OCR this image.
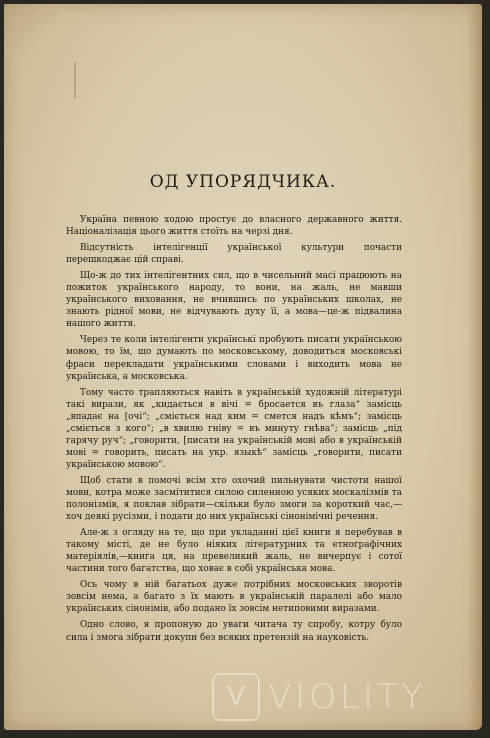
ОД УПОРЯДЧИКА.

Україна певною ходою простує до власного державного життя. Націоналізація цього життя стоїть на черзі дня.

Відсутність інтелігенції української культури почасти перешкоджає цій справі.

Що-ж до тих інтелігентних сил, що в чисельний масі працюють на пожиток українського народу, то вони, на жаль, не мавши українського виховання, не вчившись по українських школах, не знають рідної мови, не відчувають духу її, а мова—це-ж підвалина нашого життя.

Через те коли інтелігенти українські пробують писати українською мовою, то їм, що думають по московському, доводиться московські фраси перекладати українськими словами і виходить мова не українська, а московська.

Тому часто трапляються навіть в українській художній літературі такі вирази, як „кидається в вічі = бросается въ глаза“ замісць „впадає на [очі“; „сміється над ким = смется надъ кѣмъ“; замісць „сміється з кого“; „в хвилю гніву = въ минуту гнѣва“; замісць „під гарячу руч“; „говорити, [писати на українській мові або в українській мові = говорить, писать на укр. языкѣ“ замісць „говорити, писати українською мовою“.

Щоб стати в помочі всім хто охочий пильнувати чистоти нашої мови, котра може засмітитися силою силенною усяких москалізмів та полонізмів, я поклав зібрати—скільки було змоги за короткий час,—хоч деякі русізми, і подати до них українські сінонімічні речення.

Але-ж з огляду на те, що при укладанні цієї книги я перебував в такому місті, де не було ніяких літературних та етнографічних матеріялів,—книга ця, на превеликий жаль, не вичерпує і сотої частини того багатства, що ховає в собі українська мова.

Ось чому в ній багатьох дуже потрібних московських зворотів зовсім нема, а багато з їх мають в українській паралелі або мало українських сінонімів, або подано їх зовсім нетиповими виразами.

Одно слово, я пропоную до уваги читача ту спробу, котру було сила і змога зібрати докупи без всяких претензій на науковість.

V VIOLITY
